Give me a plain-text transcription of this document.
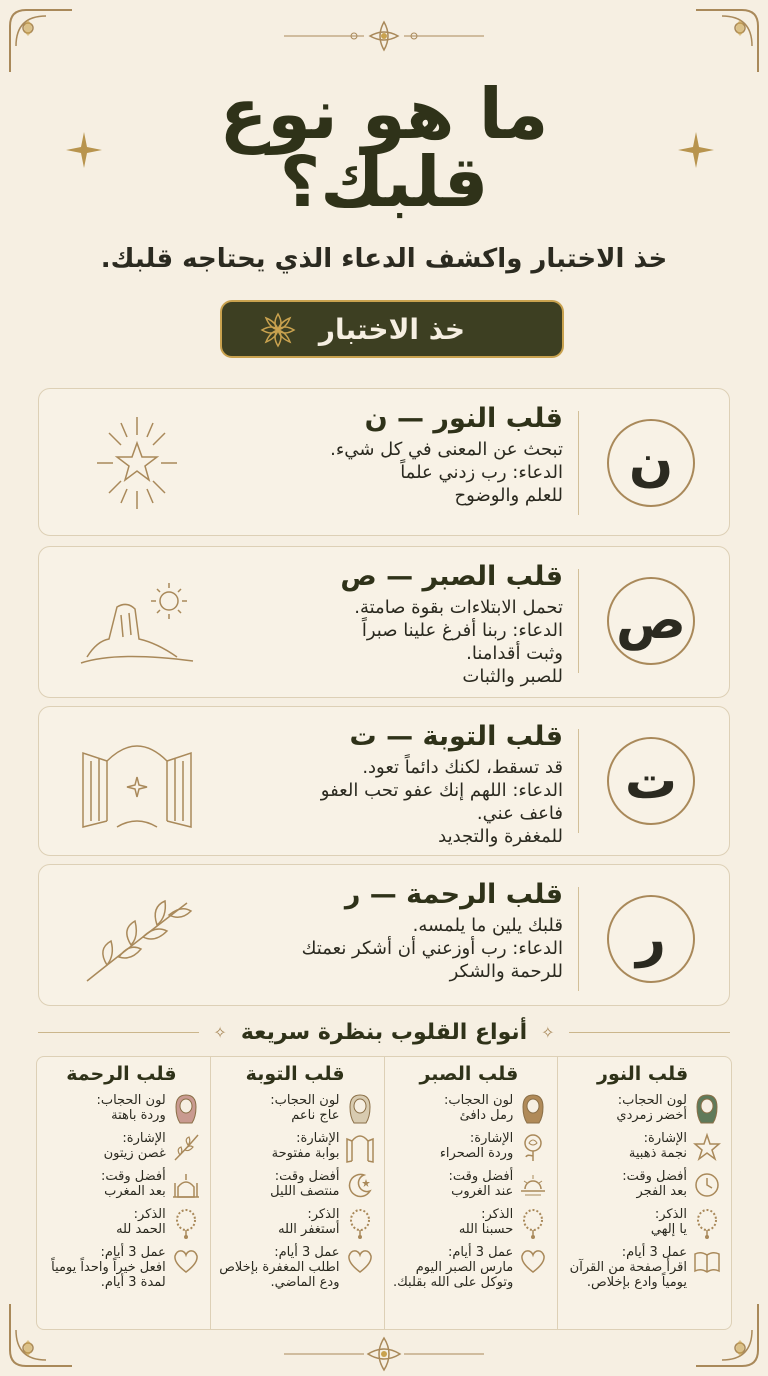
ما هو نوع
قلبك؟
خذ الاختبار واكشف الدعاء الذي يحتاجه قلبك.
خذ الاختبار
ن
قلب النور — ن
تبحث عن المعنى في كل شيء.
الدعاء: رب زدني علماً
للعلم والوضوح
ص
قلب الصبر — ص
تحمل الابتلاءات بقوة صامتة.
الدعاء: ربنا أفرغ علينا صبراً
وثبت أقدامنا.
للصبر والثبات
ت
قلب التوبة — ت
قد تسقط، لكنك دائماً تعود.
الدعاء: اللهم إنك عفو تحب العفو
فاعف عني.
للمغفرة والتجديد
ر
قلب الرحمة — ر
قلبك يلين ما يلمسه.
الدعاء: رب أوزعني أن أشكر نعمتك
للرحمة والشكر
✧
أنواع القلوب بنظرة سريعة
✧
قلب النور
لون الحجاب:
أخضر زمردي
الإشارة:
نجمة ذهبية
أفضل وقت:
بعد الفجر
الذكر:
يا إلهي
عمل 3 أيام:
اقرأ صفحة من القرآن يومياً وادع بإخلاص.
قلب الصبر
لون الحجاب:
رمل دافئ
الإشارة:
وردة الصحراء
أفضل وقت:
عند الغروب
الذكر:
حسبنا الله
عمل 3 أيام:
مارس الصبر اليوم وتوكل على الله بقلبك.
قلب التوبة
لون الحجاب:
عاج ناعم
الإشارة:
بوابة مفتوحة
أفضل وقت:
منتصف الليل
الذكر:
أستغفر الله
عمل 3 أيام:
اطلب المغفرة بإخلاص ودع الماضي.
قلب الرحمة
لون الحجاب:
وردة باهتة
الإشارة:
غصن زيتون
أفضل وقت:
بعد المغرب
الذكر:
الحمد لله
عمل 3 أيام:
افعل خيراً واحداً يومياً لمدة 3 أيام.
